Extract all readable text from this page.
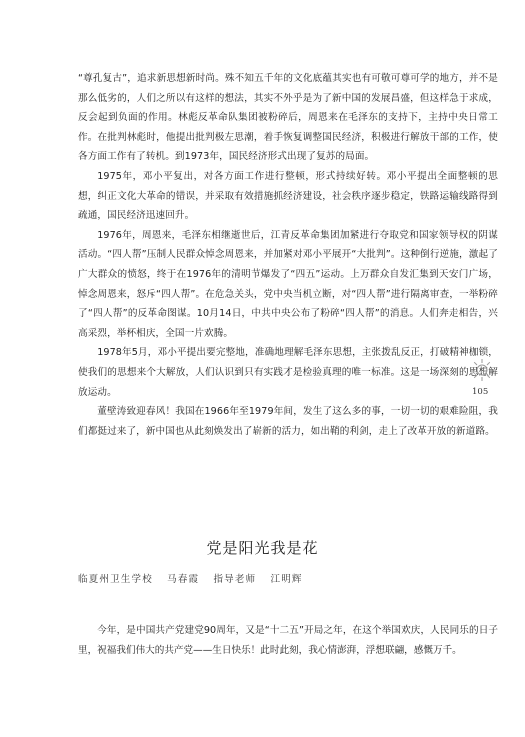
“尊孔复古”，追求新思想新时尚。殊不知五千年的文化底蕴其实也有可敬可尊可学的地方，并不是那么低劣的，人们之所以有这样的想法，其实不外乎是为了新中国的发展昌盛，但这样急于求成，反会起到负面的作用。林彪反革命队集团被粉碎后，周恩来在毛泽东的支持下，主持中央日常工作。在批判林彪时，他提出批判极左思潮，着手恢复调整国民经济，积极进行解放干部的工作，使各方面工作有了转机。到1973年，国民经济形式出现了复苏的局面。

1975年，邓小平复出，对各方面工作进行整顿，形式持续好转。邓小平提出全面整顿的思想，纠正文化大革命的错误，并采取有效措施抓经济建设，社会秩序逐步稳定，铁路运输线路得到疏通，国民经济迅速回升。

1976年，周恩来，毛泽东相继逝世后，江青反革命集团加紧进行夺取党和国家领导权的阴谋活动。“四人帮”压制人民群众悼念周恩来，并加紧对邓小平展开“大批判”。这种倒行逆施，激起了广大群众的愤怒，终于在1976年的清明节爆发了“四五”运动。上万群众自发汇集到天安门广场，悼念周恩来，怒斥“四人帮”。在危急关头，党中央当机立断，对“四人帮”进行隔离审查，一举粉碎了“四人帮”的反革命图谋。10月14日，中共中央公布了粉碎“四人帮”的消息。人们奔走相告，兴高采烈，举杯相庆，全国一片欢腾。

1978年5月，邓小平提出要完整地，准确地理解毛泽东思想，主张拨乱反正，打破精神枷锁，使我们的思想来个大解放，人们认识到只有实践才是检验真理的唯一标准。这是一场深刻的思想解放运动。

董壁涛致迎春风！我国在1966年至1979年间，发生了这么多的事，一切一切的艰难险阻，我们都挺过来了，新中国也从此刻焕发出了崭新的活力，如出鞘的利剑，走上了改革开放的新道路。

105
党是阳光我是花
临夏州卫生学校 马春霞 指导老师 江明辉

今年，是中国共产党建党90周年，又是“十二五”开局之年，在这个举国欢庆，人民同乐的日子里，祝福我们伟大的共产党——生日快乐！此时此刻，我心情澎湃，浮想联翩，感慨万千。
